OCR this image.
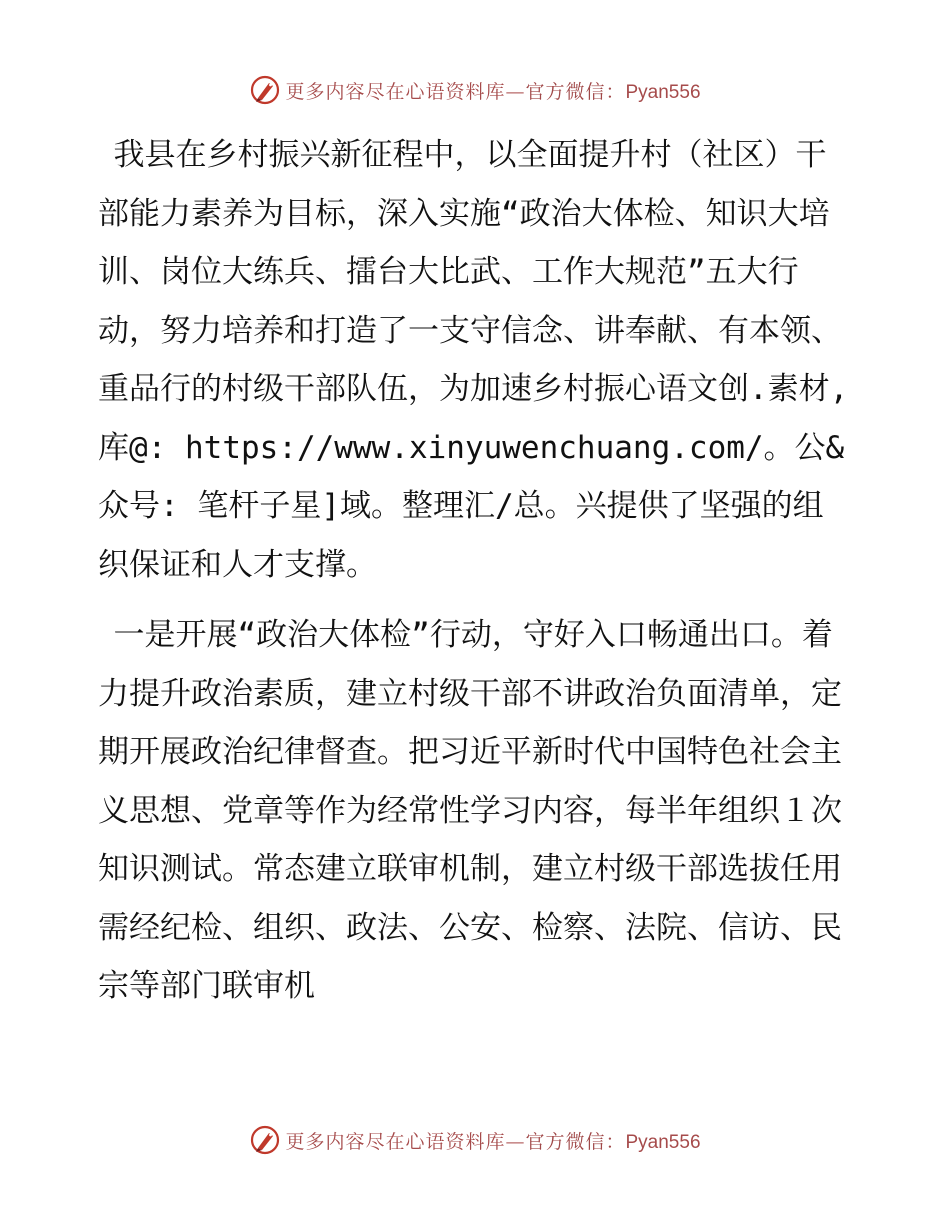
更多内容尽在心语资料库—官方微信：Pyan556

我县在乡村振兴新征程中，以全面提升村（社区）干部能力素养为目标，深入实施“政治大体检、知识大培训、岗位大练兵、擂台大比武、工作大规范”五大行动，努力培养和打造了一支守信念、讲奉献、有本领、重品行的村级干部队伍，为加速乡村振心语文创.素材,库@: https://www.xinyuwenchuang.com/。公&众号: 笔杆子星]域。整理汇/总。兴提供了坚强的组织保证和人才支撑。

一是开展“政治大体检”行动，守好入口畅通出口。着力提升政治素质，建立村级干部不讲政治负面清单，定期开展政治纪律督查。把习近平新时代中国特色社会主义思想、党章等作为经常性学习内容，每半年组织１次知识测试。常态建立联审机制，建立村级干部选拔任用需经纪检、组织、政法、公安、检察、法院、信访、民宗等部门联审机

更多内容尽在心语资料库—官方微信：Pyan556
